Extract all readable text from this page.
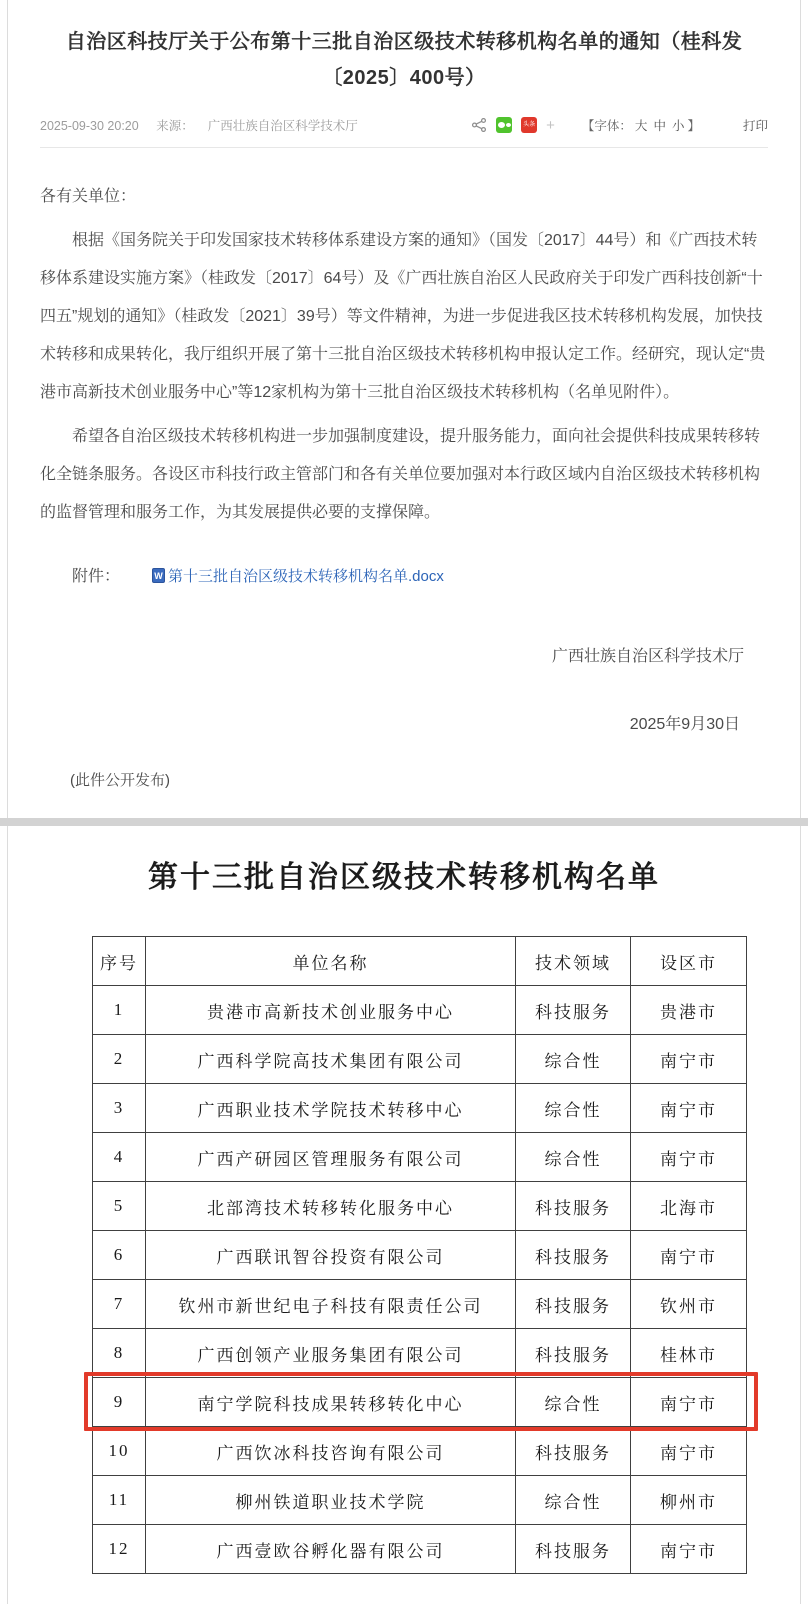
自治区科技厅关于公布第十三批自治区级技术转移机构名单的通知（桂科发〔2025〕400号）
2025-09-30 20:20 来源： 广西壮族自治区科学技术厅	头条 + 【字体： 大 中 小 】	打印

各有关单位：

根据《国务院关于印发国家技术转移体系建设方案的通知》（国发〔2017〕44号）和《广西技术转移体系建设实施方案》（桂政发〔2017〕64号）及《广西壮族自治区人民政府关于印发广西科技创新“十四五”规划的通知》（桂政发〔2021〕39号）等文件精神，为进一步促进我区技术转移机构发展，加快技术转移和成果转化，我厅组织开展了第十三批自治区级技术转移机构申报认定工作。经研究，现认定“贵港市高新技术创业服务中心”等12家机构为第十三批自治区级技术转移机构（名单见附件）。

希望各自治区级技术转移机构进一步加强制度建设，提升服务能力，面向社会提供科技成果转移转化全链条服务。各设区市科技行政主管部门和各有关单位要加强对本行政区域内自治区级技术转移机构的监督管理和服务工作，为其发展提供必要的支撑保障。

附件：	W 第十三批自治区级技术转移机构名单.docx
广西壮族自治区科学技术厅
2025年9月30日
(此件公开发布)
第十三批自治区级技术转移机构名单
序号	单位名称	技术领域	设区市
1	贵港市高新技术创业服务中心	科技服务	贵港市
2	广西科学院高技术集团有限公司	综合性	南宁市
3	广西职业技术学院技术转移中心	综合性	南宁市
4	广西产研园区管理服务有限公司	综合性	南宁市
5	北部湾技术转移转化服务中心	科技服务	北海市
6	广西联讯智谷投资有限公司	科技服务	南宁市
7	钦州市新世纪电子科技有限责任公司	科技服务	钦州市
8	广西创领产业服务集团有限公司	科技服务	桂林市
9	南宁学院科技成果转移转化中心	综合性	南宁市
10	广西饮冰科技咨询有限公司	科技服务	南宁市
11	柳州铁道职业技术学院	综合性	柳州市
12	广西壹欧谷孵化器有限公司	科技服务	南宁市
